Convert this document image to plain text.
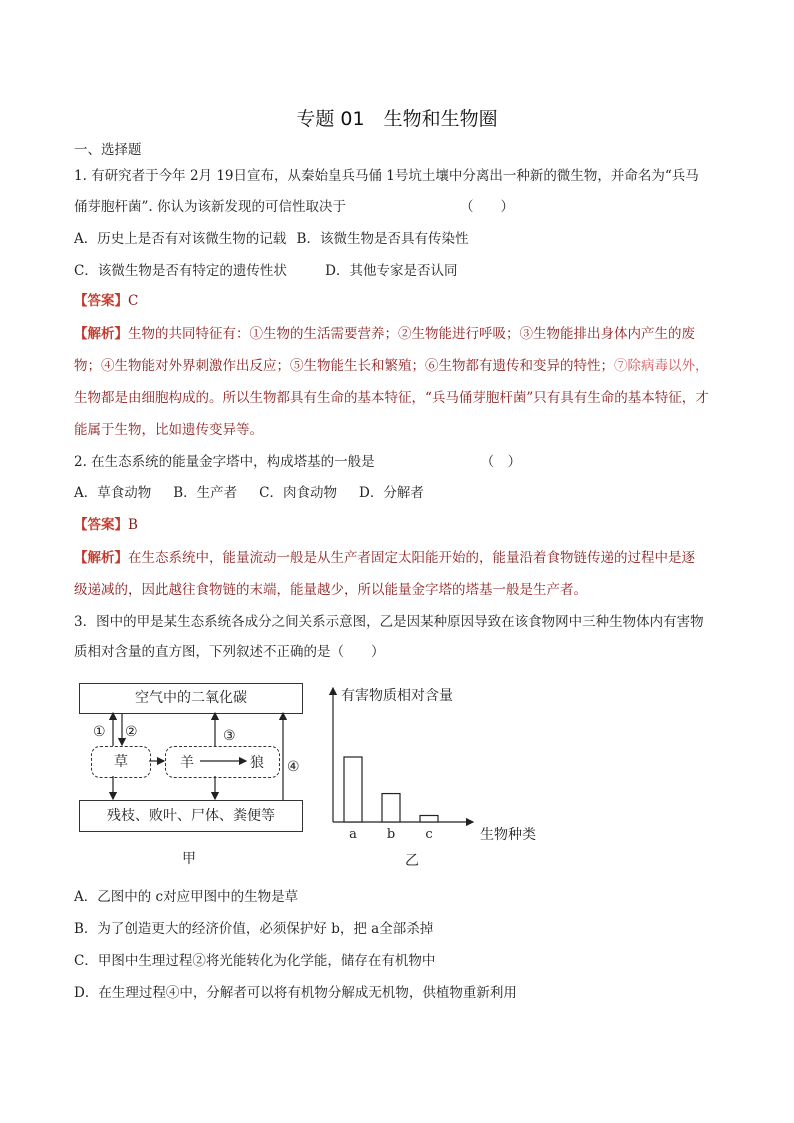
专题 01　生物和生物圈
一、选择题
1. 有研究者于今年 2月 19日宣布，从秦始皇兵马俑 1号坑土壤中分离出一种新的微生物，并命名为“兵马
俑芽胞杆菌”. 你认为该新发现的可信性取决于	（　　）
A．历史上是否有对该微生物的记载 B．该微生物是否具有传染性
C．该微生物是否有特定的遗传性状	D．其他专家是否认同
【答案】C
【解析】生物的共同特征有：①生物的生活需要营养；②生物能进行呼吸；③生物能排出身体内产生的废
物；④生物能对外界刺激作出反应；⑤生物能生长和繁殖；⑥生物都有遗传和变异的特性；⑦除病毒以外，
生物都是由细胞构成的。所以生物都具有生命的基本特征，“兵马俑芽胞杆菌”只有具有生命的基本特征，才
能属于生物，比如遗传变异等。
2. 在生态系统的能量金字塔中，构成塔基的一般是	（　）
A．草食动物 B．生产者 C．肉食动物 D．分解者
【答案】B
【解析】在生态系统中，能量流动一般是从生产者固定太阳能开始的，能量沿着食物链传递的过程中是逐
级递减的，因此越往食物链的末端，能量越少，所以能量金字塔的塔基一般是生产者。
3．图中的甲是某生态系统各成分之间关系示意图，乙是因某种原因导致在该食物网中三种生物体内有害物
质相对含量的直方图，下列叙述不正确的是（　　）
空气中的二氧化碳
草	羊	狼
残枝、败叶、尸体、粪便等
① ②	③
④
甲
有害物质相对含量
生物种类
乙
a b c
A．乙图中的 c对应甲图中的生物是草
B．为了创造更大的经济价值，必须保护好 b，把 a全部杀掉
C．甲图中生理过程②将光能转化为化学能，储存在有机物中
D．在生理过程④中，分解者可以将有机物分解成无机物，供植物重新利用
